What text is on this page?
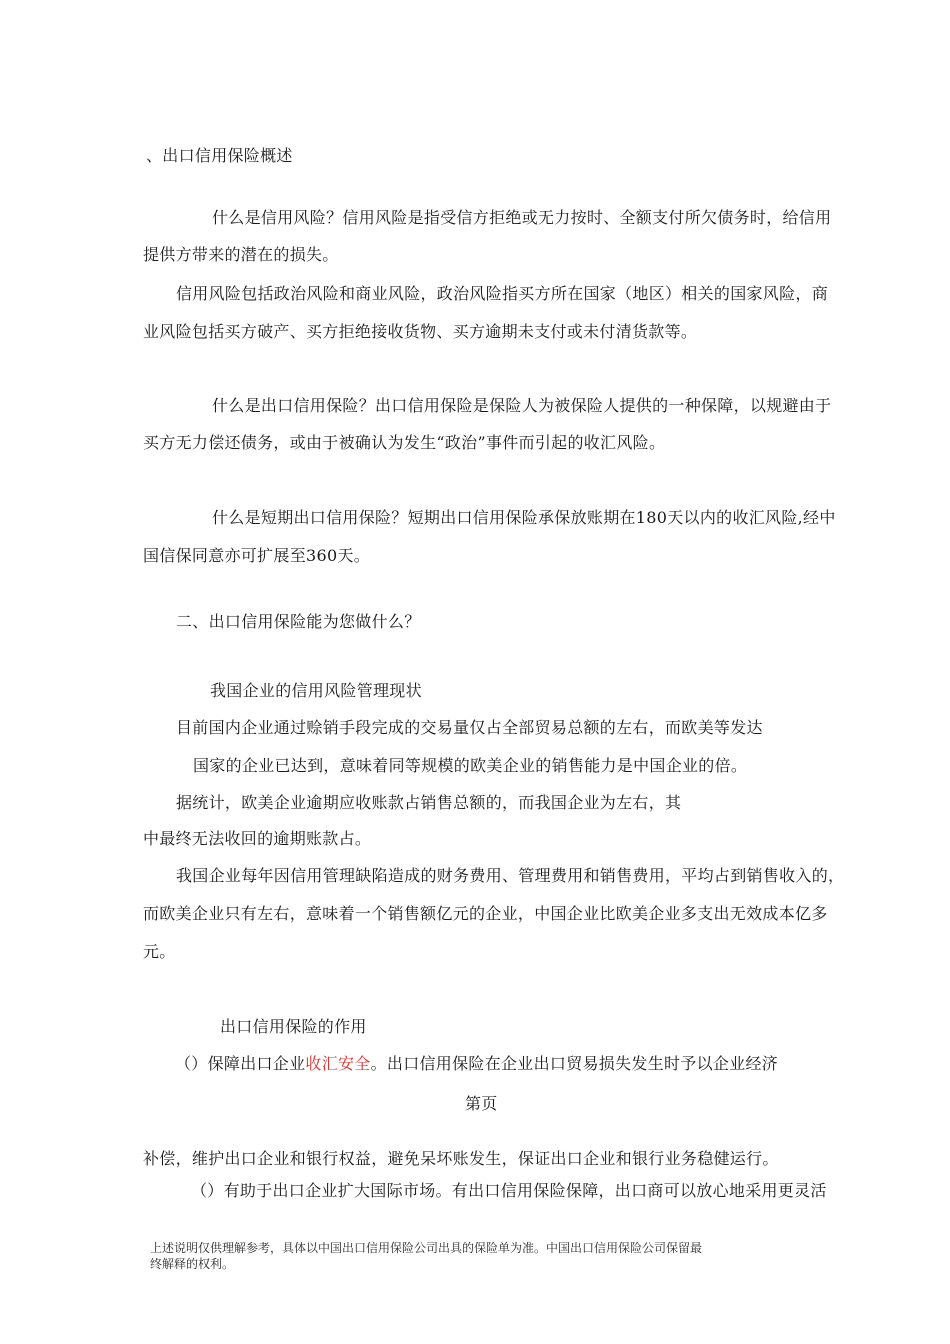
、出口信用保险概述
什么是信用风险？信用风险是指受信方拒绝或无力按时、全额支付所欠债务时，给信用
提供方带来的潜在的损失。
信用风险包括政治风险和商业风险，政治风险指买方所在国家（地区）相关的国家风险，商
业风险包括买方破产、买方拒绝接收货物、买方逾期未支付或未付清货款等。
什么是出口信用保险？出口信用保险是保险人为被保险人提供的一种保障，以规避由于
买方无力偿还债务，或由于被确认为发生“政治”事件而引起的收汇风险。
什么是短期出口信用保险？短期出口信用保险承保放账期在180天以内的收汇风险,经中
国信保同意亦可扩展至360天。
二、出口信用保险能为您做什么？
我国企业的信用风险管理现状
目前国内企业通过赊销手段完成的交易量仅占全部贸易总额的左右，而欧美等发达
国家的企业已达到，意味着同等规模的欧美企业的销售能力是中国企业的倍。
据统计，欧美企业逾期应收账款占销售总额的，而我国企业为左右，其
中最终无法收回的逾期账款占。
我国企业每年因信用管理缺陷造成的财务费用、管理费用和销售费用，平均占到销售收入的，
而欧美企业只有左右，意味着一个销售额亿元的企业，中国企业比欧美企业多支出无效成本亿多
元。
出口信用保险的作用
（）保障出口企业收汇安全。出口信用保险在企业出口贸易损失发生时予以企业经济
第页
补偿，维护出口企业和银行权益，避免呆坏账发生，保证出口企业和银行业务稳健运行。
（）有助于出口企业扩大国际市场。有出口信用保险保障，出口商可以放心地采用更灵活
上述说明仅供理解参考，具体以中国出口信用保险公司出具的保险单为准。中国出口信用保险公司保留最
终解释的权利。
